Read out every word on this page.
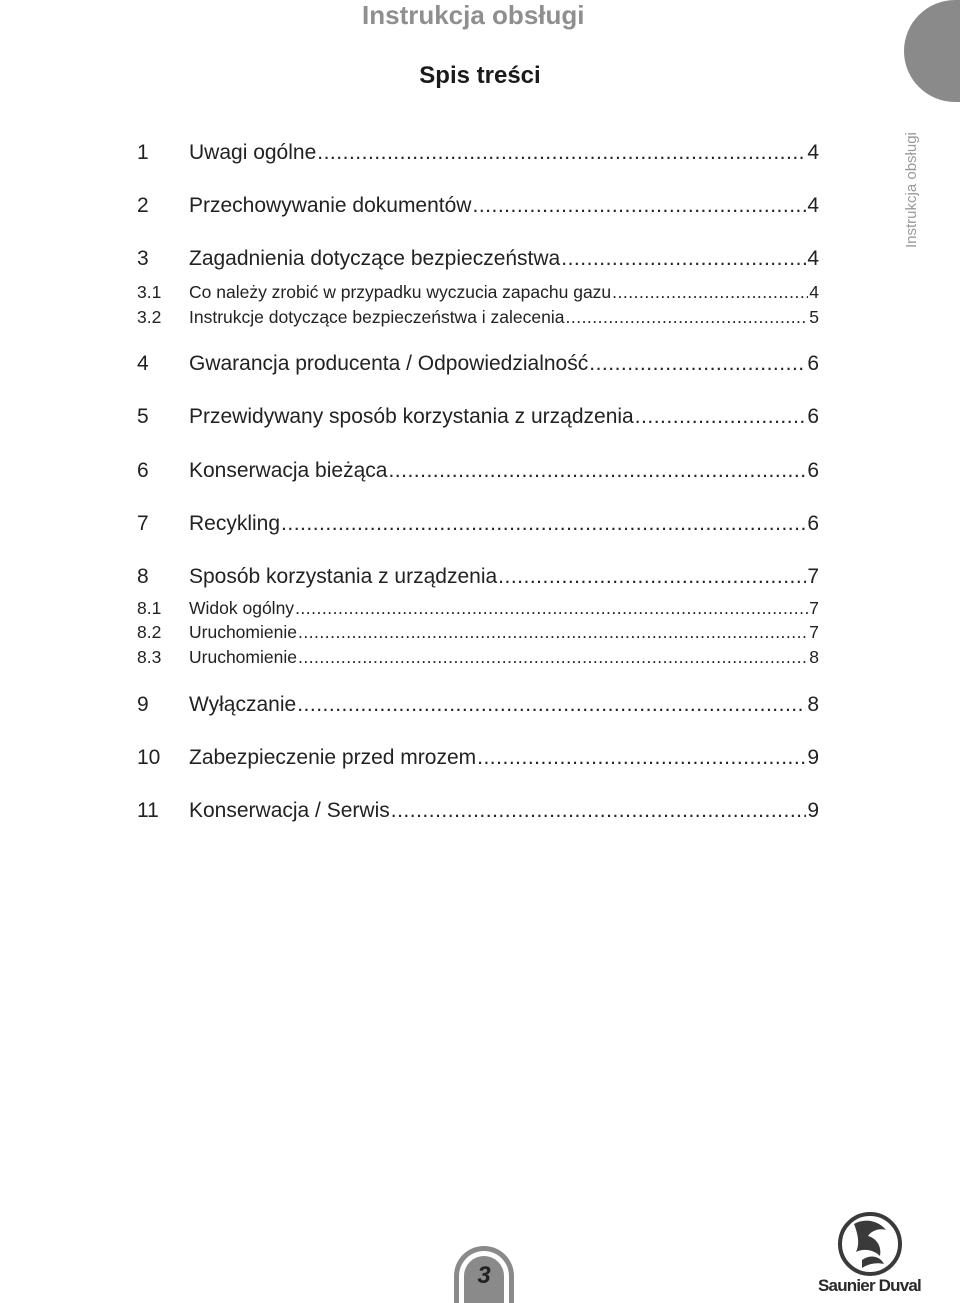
Instrukcja obsługi
Instrukcja obsługi
Spis treści
1	Uwagi ogólne .....	4
2	Przechowywanie dokumentów .....	4
3	Zagadnienia dotyczące bezpieczeństwa .....	4
3.1	Co należy zrobić w przypadku wyczucia zapachu gazu .....	4
3.2	Instrukcje dotyczące bezpieczeństwa i zalecenia .....	5
4	Gwarancja producenta / Odpowiedzialność .....	6
5	Przewidywany sposób korzystania z urządzenia .....	6
6	Konserwacja bieżąca .....	6
7	Recykling .....	6
8	Sposób korzystania z urządzenia .....	7
8.1	Widok ogólny .....	7
8.2	Uruchomienie .....	7
8.3	Uruchomienie .....	8
9	Wyłączanie .....	8
10	Zabezpieczenie przed mrozem .....	9
11	Konserwacja / Serwis .....	9
3	Saunier Duval
